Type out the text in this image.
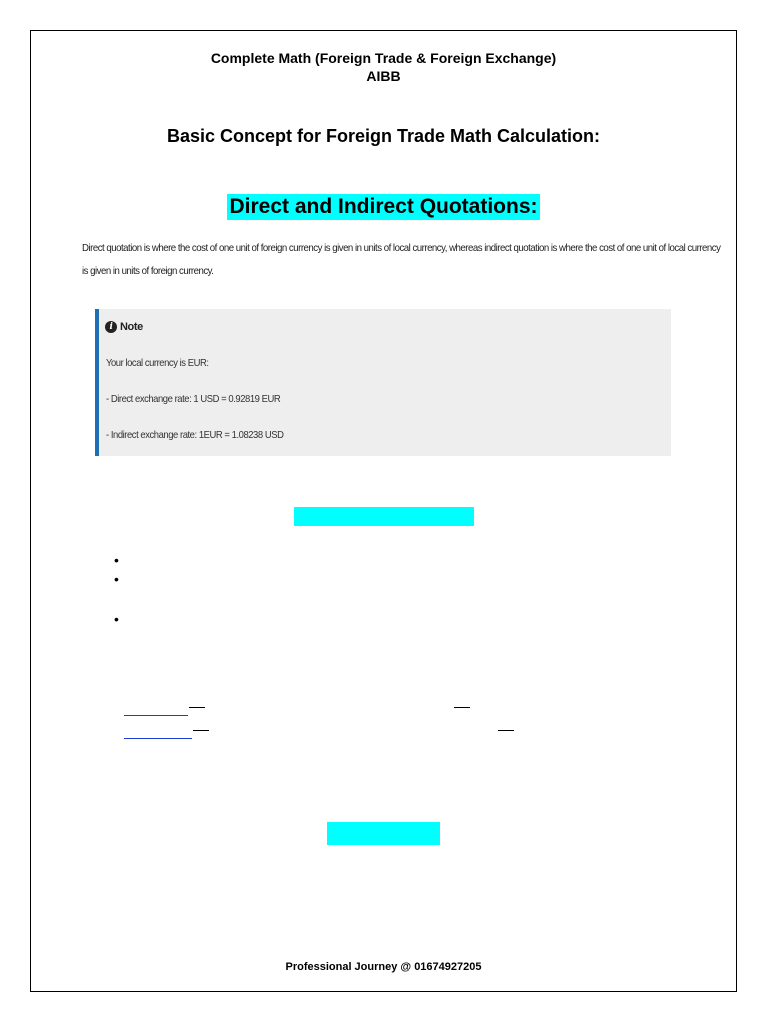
Complete Math (Foreign Trade & Foreign Exchange)
AIBB
Basic Concept for Foreign Trade Math Calculation:
Direct and Indirect Quotations:
Direct quotation is where the cost of one unit of foreign currency is given in units of local currency, whereas indirect quotation is where the cost of one unit of local currency
is given in units of foreign currency.
i Note
Your local currency is EUR:
- Direct exchange rate: 1 USD = 0.92819 EUR
- Indirect exchange rate: 1EUR = 1.08238 USD
•
•
•
Professional Journey @ 01674927205
